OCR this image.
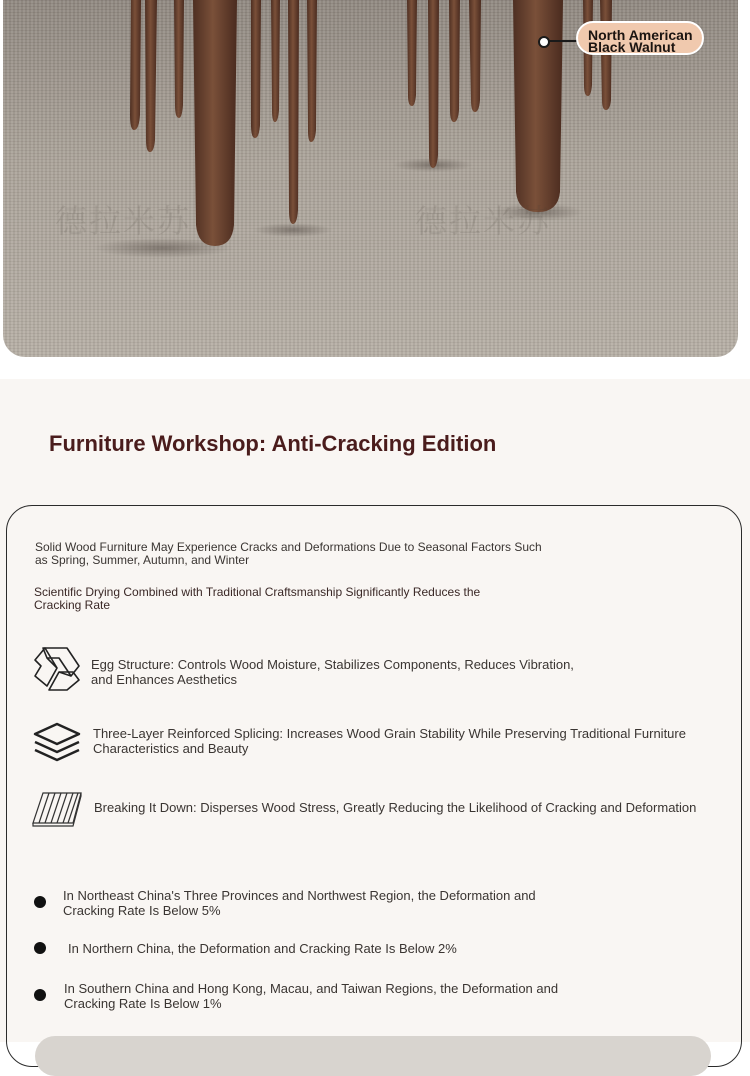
德拉米苏	德拉米苏
North American
Black Walnut
Furniture Workshop: Anti-Cracking Edition

Solid Wood Furniture May Experience Cracks and Deformations Due to Seasonal Factors Such as Spring, Summer, Autumn, and Winter

Scientific Drying Combined with Traditional Craftsmanship Significantly Reduces the Cracking Rate

Egg Structure: Controls Wood Moisture, Stabilizes Components, Reduces Vibration, and Enhances Aesthetics

Three-Layer Reinforced Splicing: Increases Wood Grain Stability While Preserving Traditional Furniture Characteristics and Beauty

Breaking It Down: Disperses Wood Stress, Greatly Reducing the Likelihood of Cracking and Deformation

In Northeast China's Three Provinces and Northwest Region, the Deformation and Cracking Rate Is Below 5%

In Northern China, the Deformation and Cracking Rate Is Below 2%

In Southern China and Hong Kong, Macau, and Taiwan Regions, the Deformation and Cracking Rate Is Below 1%
